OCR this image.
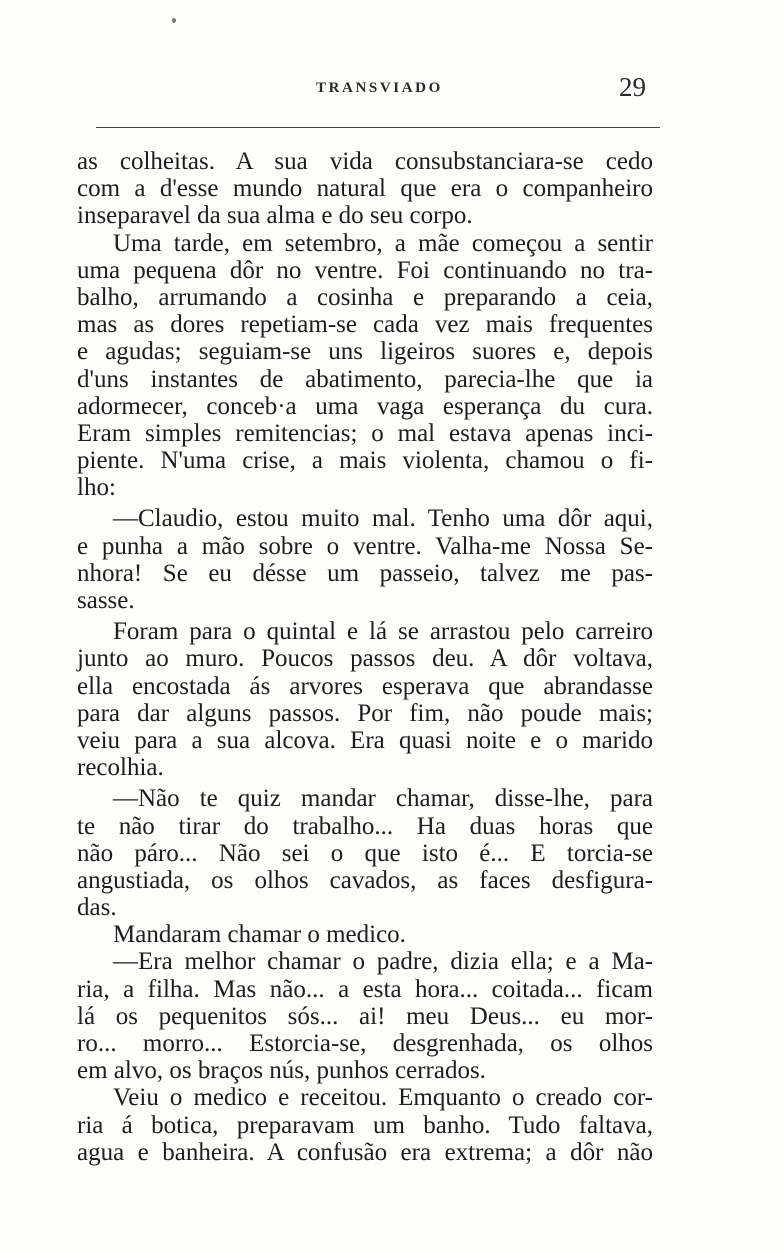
TRANSVIADO	29
as colheitas. A sua vida consubstanciara-se cedo
com a d'esse mundo natural que era o companheiro
inseparavel da sua alma e do seu corpo.
Uma tarde, em setembro, a mãe começou a sentir
uma pequena dôr no ventre. Foi continuando no tra-
balho, arrumando a cosinha e preparando a ceia,
mas as dores repetiam-se cada vez mais frequentes
e agudas; seguiam-se uns ligeiros suores e, depois
d'uns instantes de abatimento, parecia-lhe que ia
adormecer, conceb·a uma vaga esperança du cura.
Eram simples remitencias; o mal estava apenas inci-
piente. N'uma crise, a mais violenta, chamou o fi-
lho:
—Claudio, estou muito mal. Tenho uma dôr aqui,
e punha a mão sobre o ventre. Valha-me Nossa Se-
nhora! Se eu désse um passeio, talvez me pas-
sasse.
Foram para o quintal e lá se arrastou pelo carreiro
junto ao muro. Poucos passos deu. A dôr voltava,
ella encostada ás arvores esperava que abrandasse
para dar alguns passos. Por fim, não poude mais;
veiu para a sua alcova. Era quasi noite e o marido
recolhia.
—Não te quiz mandar chamar, disse-lhe, para
te não tirar do trabalho... Ha duas horas que
não páro... Não sei o que isto é... E torcia-se
angustiada, os olhos cavados, as faces desfigura-
das.
Mandaram chamar o medico.
—Era melhor chamar o padre, dizia ella; e a Ma-
ria, a filha. Mas não... a esta hora... coitada... ficam
lá os pequenitos sós... ai! meu Deus... eu mor-
ro... morro... Estorcia-se, desgrenhada, os olhos
em alvo, os braços nús, punhos cerrados.
Veiu o medico e receitou. Emquanto o creado cor-
ria á botica, preparavam um banho. Tudo faltava,
agua e banheira. A confusão era extrema; a dôr não
